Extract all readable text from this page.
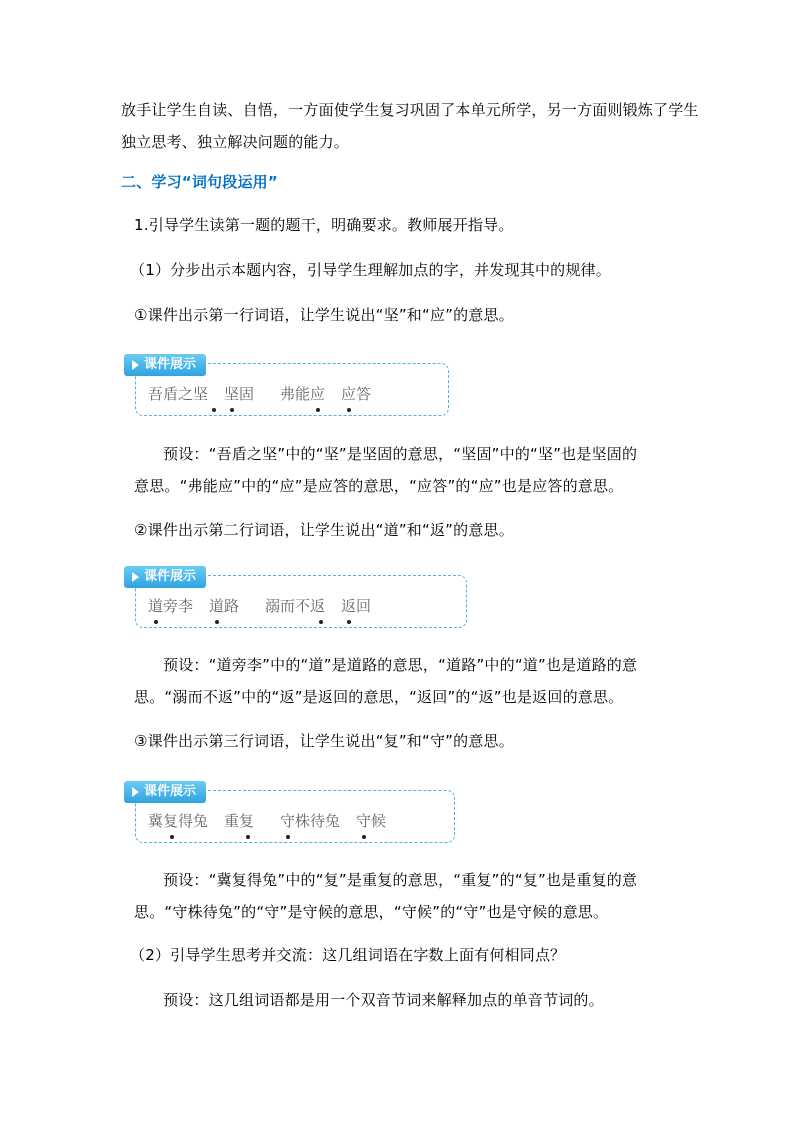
放手让学生自读、自悟，一方面使学生复习巩固了本单元所学，另一方面则锻炼了学生

独立思考、独立解决问题的能力。

二、学习“词句段运用”

1.引导学生读第一题的题干，明确要求。教师展开指导。

（1）分步出示本题内容，引导学生理解加点的字，并发现其中的规律。

①课件出示第一行词语，让学生说出“坚”和“应”的意思。

课件展示
吾盾之坚 坚固 弗能应 应答

预设：“吾盾之坚”中的“坚”是坚固的意思，“坚固”中的“坚”也是坚固的

意思。“弗能应”中的“应”是应答的意思，“应答”的“应”也是应答的意思。

②课件出示第二行词语，让学生说出“道”和“返”的意思。

课件展示
道旁李 道路 溺而不返 返回

预设：“道旁李”中的“道”是道路的意思，“道路”中的“道”也是道路的意

思。“溺而不返”中的“返”是返回的意思，“返回”的“返”也是返回的意思。

③课件出示第三行词语，让学生说出“复”和“守”的意思。

课件展示
冀复得兔 重复 守株待兔 守候

预设：“冀复得兔”中的“复”是重复的意思，“重复”的“复”也是重复的意

思。“守株待兔”的“守”是守候的意思，“守候”的“守”也是守候的意思。

（2）引导学生思考并交流：这几组词语在字数上面有何相同点？

预设：这几组词语都是用一个双音节词来解释加点的单音节词的。
